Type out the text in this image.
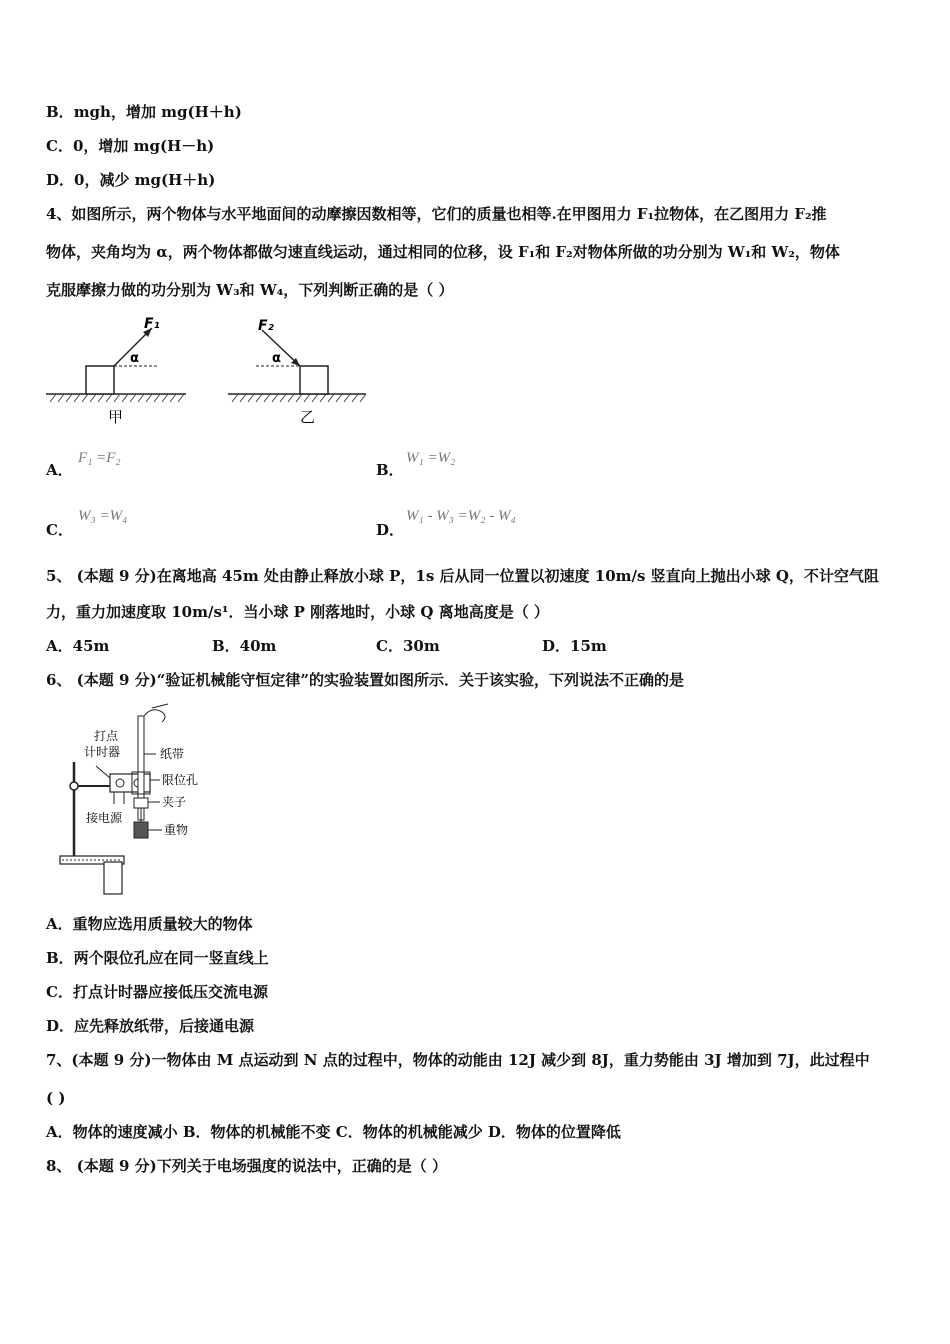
B．mgh，增加 mg(H＋h)
C．0，增加 mg(H－h)
D．0，减少 mg(H＋h)
4、如图所示，两个物体与水平地面间的动摩擦因数相等，它们的质量也相等.在甲图用力 F₁拉物体，在乙图用力 F₂推
物体，夹角均为 α，两个物体都做匀速直线运动，通过相同的位移，设 F₁和 F₂对物体所做的功分别为 W₁和 W₂，物体
克服摩擦力做的功分别为 W₃和 W₄，下列判断正确的是（ ）
F₁
α
甲
F₂
α
乙
A．
F₁ =F₂
B．
W₁ =W₂
C．
W₃ =W₄
D．
W₁ - W₃ =W₂ - W₄
5、 (本题 9 分)在离地高 45m 处由静止释放小球 P，1s 后从同一位置以初速度 10m/s 竖直向上抛出小球 Q，不计空气阻
力，重力加速度取 10m/s¹．当小球 P 刚落地时，小球 Q 离地高度是（ ）
A．45m	B．40m	C．30m	D．15m
6、 (本题 9 分)“验证机械能守恒定律”的实验装置如图所示．关于该实验，下列说法不正确的是
打点
计时器	纸带
限位孔
夹子
接电源
重物
A．重物应选用质量较大的物体
B．两个限位孔应在同一竖直线上
C．打点计时器应接低压交流电源
D．应先释放纸带，后接通电源
7、(本题 9 分)一物体由 M 点运动到 N 点的过程中，物体的动能由 12J 减少到 8J，重力势能由 3J 增加到 7J，此过程中
( )
A．物体的速度减小 B．物体的机械能不变 C．物体的机械能减少 D．物体的位置降低
8、 (本题 9 分)下列关于电场强度的说法中，正确的是（ ）
